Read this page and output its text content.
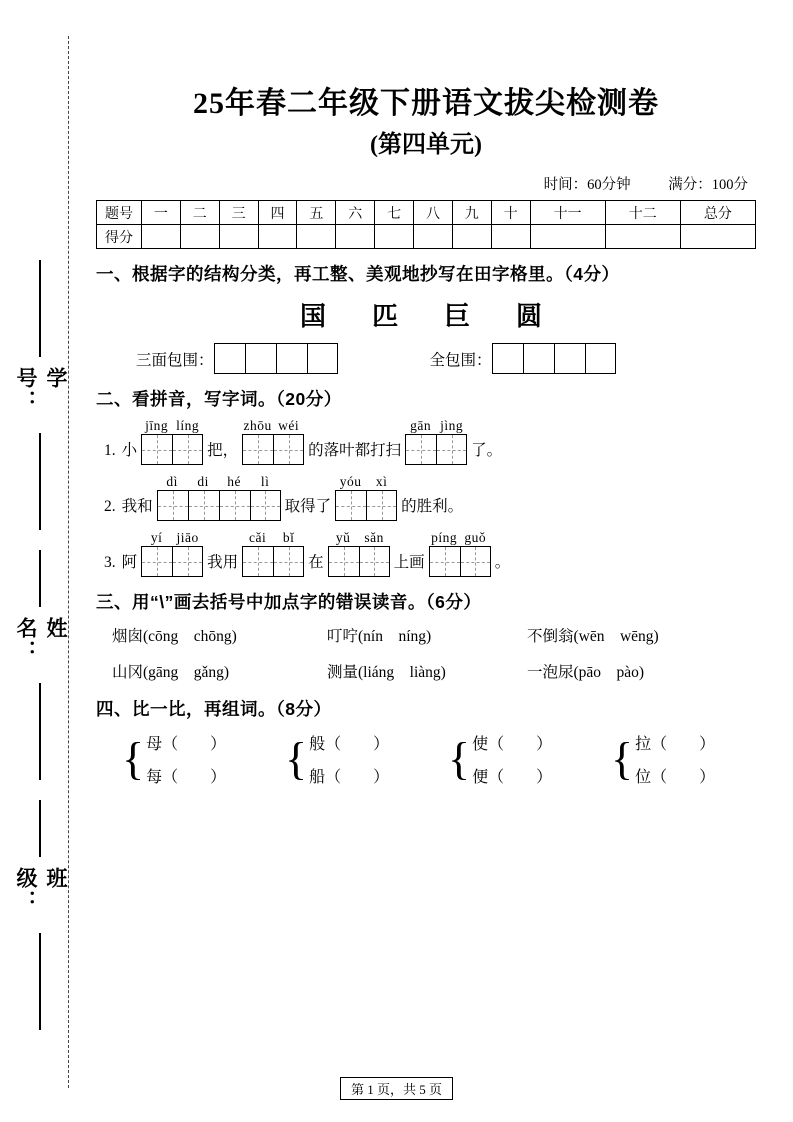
学号：
姓名：
班级：
25年春二年级下册语文拔尖检测卷
(第四单元)
时间：60分钟	满分：100分
题号	一	二	三	四	五	六	七	八	九	十	十一	十二	总分
得分													
一、根据字的结构分类，再工整、美观地抄写在田字格里。（4分）
国匹巨圆
三面包围：	全包围：
二、看拼音，写字词。（20分）
1. 小
jīng líng
把，
zhōu wéi
的落叶都打扫
gān jìng
了。
2. 我和
dì	di	hé	lì
取得了
yóu	xì
的胜利。
3. 阿
yí	jiāo
我用
cǎi	bǐ
在
yǔ	sǎn
上画
píng guǒ
。
三、用“\”画去括号中加点字的错误读音。（6分）
烟囱(cōng　chōng)	叮咛(nín　níng)	不倒翁(wēn　wēng)
山冈(gāng　gǎng)	测量(liáng　liàng)	一泡尿(pāo　pào)
四、比一比，再组词。（8分）
{ 母（　　）
每（　　） { 般（　　）
船（　　） { 使（　　）
便（　　） { 拉（　　）
位（　　）
第 1 页，共 5 页
